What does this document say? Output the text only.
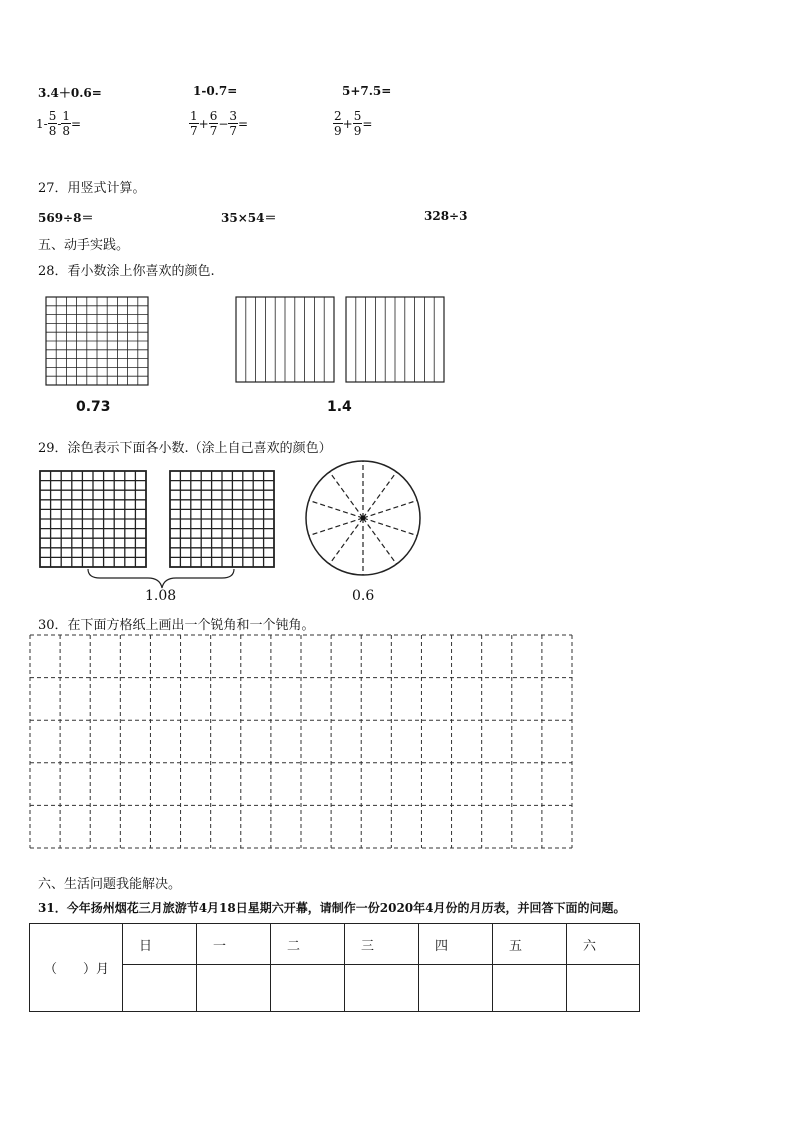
3.4＋0.6=	1-0.7=	5+7.5=
$1- \frac{5}{8} - \frac{1}{8}$ =	$\frac{1}{7} + \frac{6}{7} - \frac{3}{7}$ =	$\frac{2}{9} + \frac{5}{9}$ =
27．用竖式计算。
569÷8＝	35×54＝	328÷3
五、动手实践。
28．看小数涂上你喜欢的颜色.
0.73	1.4
29．涂色表示下面各小数.（涂上自己喜欢的颜色）
1.08	0.6
30．在下面方格纸上画出一个锐角和一个钝角。
六、生活问题我能解决。
31．今年扬州烟花三月旅游节4月18日星期六开幕，请制作一份2020年4月份的月历表，并回答下面的问题。
（　　）月	日	一	二	三	四	五	六
